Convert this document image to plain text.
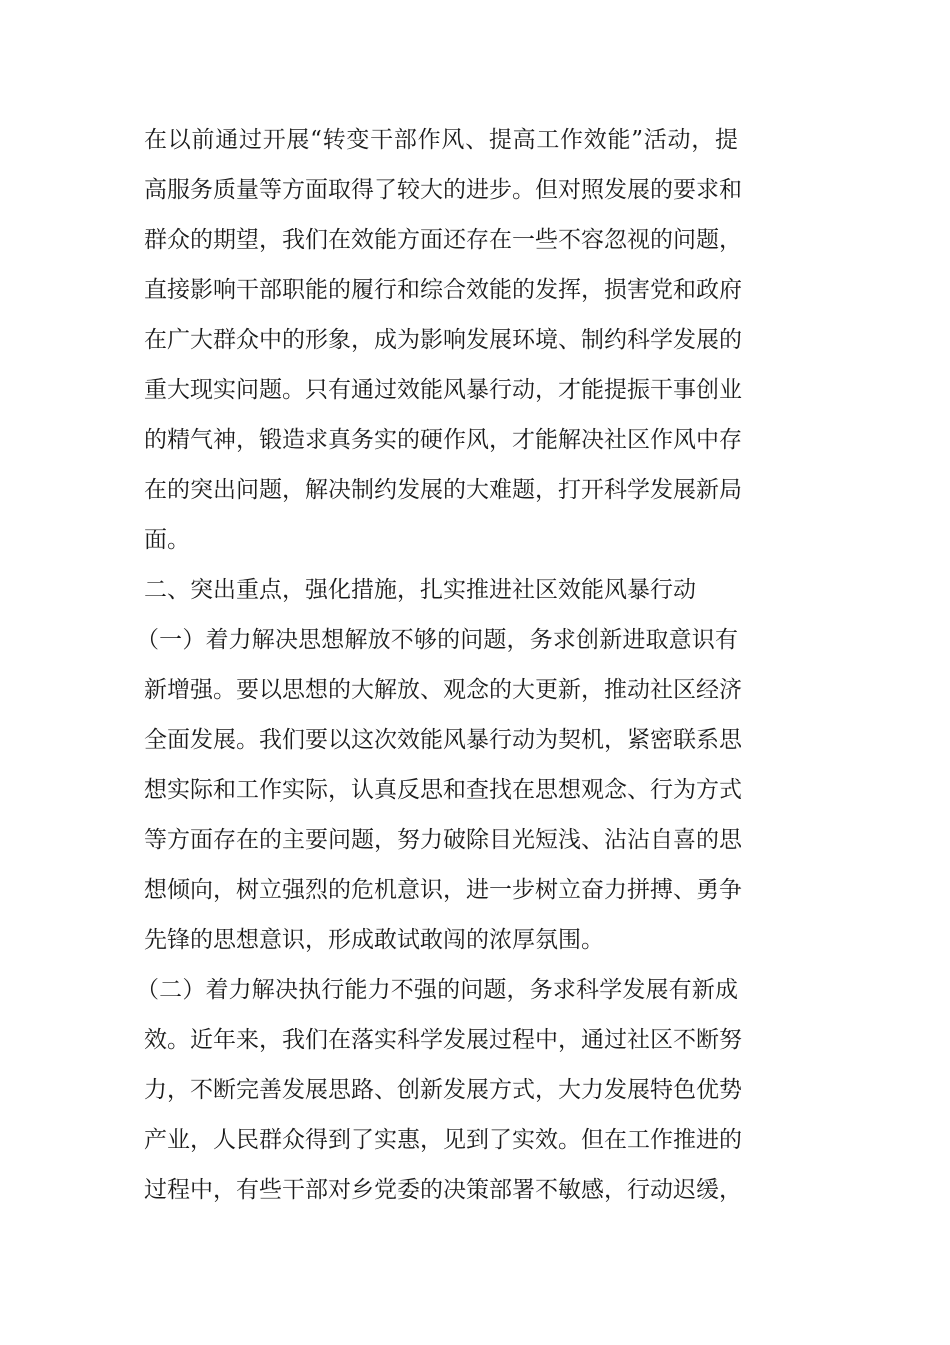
在以前通过开展“转变干部作风、提高工作效能”活动，提
高服务质量等方面取得了较大的进步。但对照发展的要求和
群众的期望，我们在效能方面还存在一些不容忽视的问题，
直接影响干部职能的履行和综合效能的发挥，损害党和政府
在广大群众中的形象，成为影响发展环境、制约科学发展的
重大现实问题。只有通过效能风暴行动，才能提振干事创业
的精气神，锻造求真务实的硬作风，才能解决社区作风中存
在的突出问题，解决制约发展的大难题，打开科学发展新局
面。
二、突出重点，强化措施，扎实推进社区效能风暴行动
（一）着力解决思想解放不够的问题，务求创新进取意识有
新增强。要以思想的大解放、观念的大更新，推动社区经济
全面发展。我们要以这次效能风暴行动为契机，紧密联系思
想实际和工作实际，认真反思和查找在思想观念、行为方式
等方面存在的主要问题，努力破除目光短浅、沾沾自喜的思
想倾向，树立强烈的危机意识，进一步树立奋力拼搏、勇争
先锋的思想意识，形成敢试敢闯的浓厚氛围。
（二）着力解决执行能力不强的问题，务求科学发展有新成
效。近年来，我们在落实科学发展过程中，通过社区不断努
力，不断完善发展思路、创新发展方式，大力发展特色优势
产业，人民群众得到了实惠，见到了实效。但在工作推进的
过程中，有些干部对乡党委的决策部署不敏感，行动迟缓，
